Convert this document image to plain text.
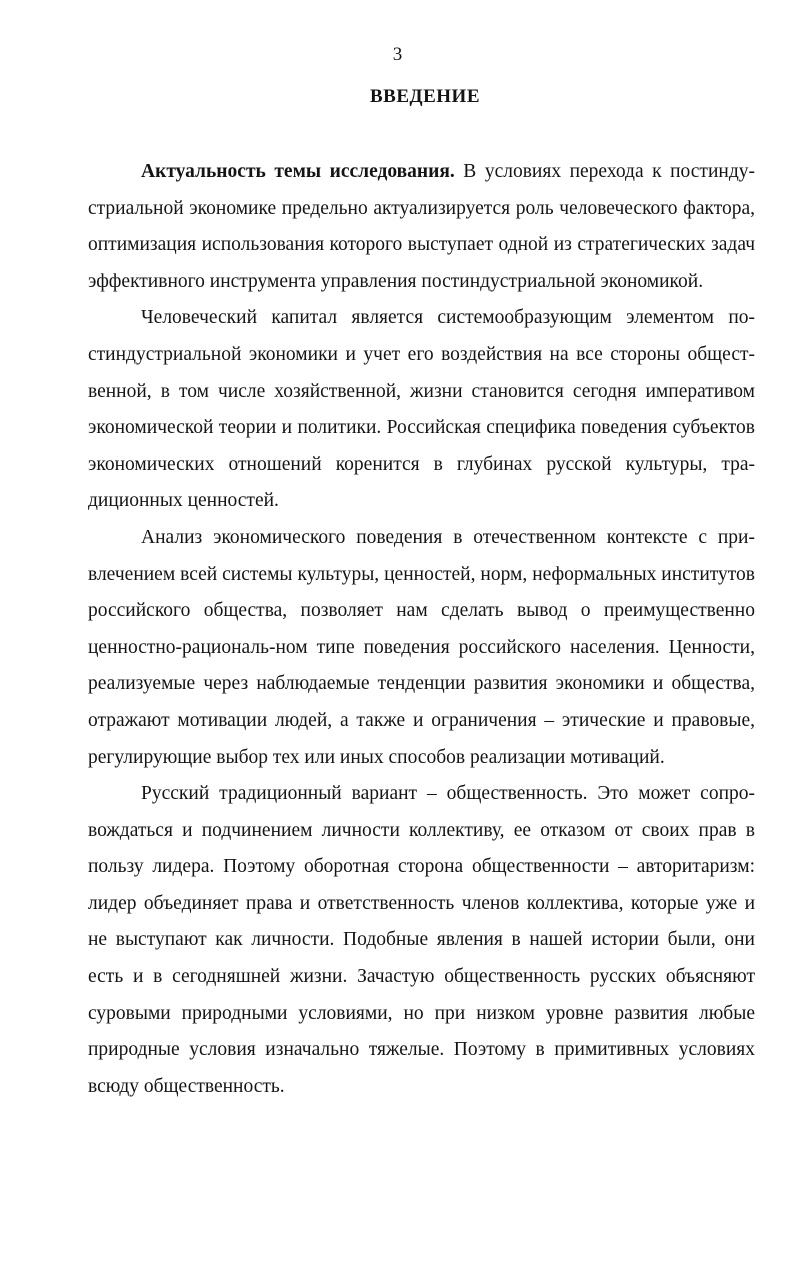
3
ВВЕДЕНИЕ

Актуальность темы исследования. В условиях перехода к постиндустриальной экономике предельно актуализируется роль человеческого фактора, оптимизация использования которого выступает одной из стратегических задач эффективного инструмента управления постиндустриальной экономикой.

Человеческий капитал является системообразующим элементом постиндустриальной экономики и учет его воздействия на все стороны общественной, в том числе хозяйственной, жизни становится сегодня императивом экономической теории и политики. Российская специфика поведения субъектов экономических отношений коренится в глубинах русской культуры, традиционных ценностей.

Анализ экономического поведения в отечественном контексте с привлечением всей системы культуры, ценностей, норм, неформальных институтов российского общества, позволяет нам сделать вывод о преимущественно ценностно-рациональ-ном типе поведения российского населения. Ценности, реализуемые через наблюдаемые тенденции развития экономики и общества, отражают мотивации людей, а также и ограничения – этические и правовые, регулирующие выбор тех или иных способов реализации мотиваций.

Русский традиционный вариант – общественность. Это может сопровождаться и подчинением личности коллективу, ее отказом от своих прав в пользу лидера. Поэтому оборотная сторона общественности – авторитаризм: лидер объединяет права и ответственность членов коллектива, которые уже и не выступают как личности. Подобные явления в нашей истории были, они есть и в сегодняшней жизни. Зачастую общественность русских объясняют суровыми природными условиями, но при низком уровне развития любые природные условия изначально тяжелые. Поэтому в примитивных условиях всюду общественность.
